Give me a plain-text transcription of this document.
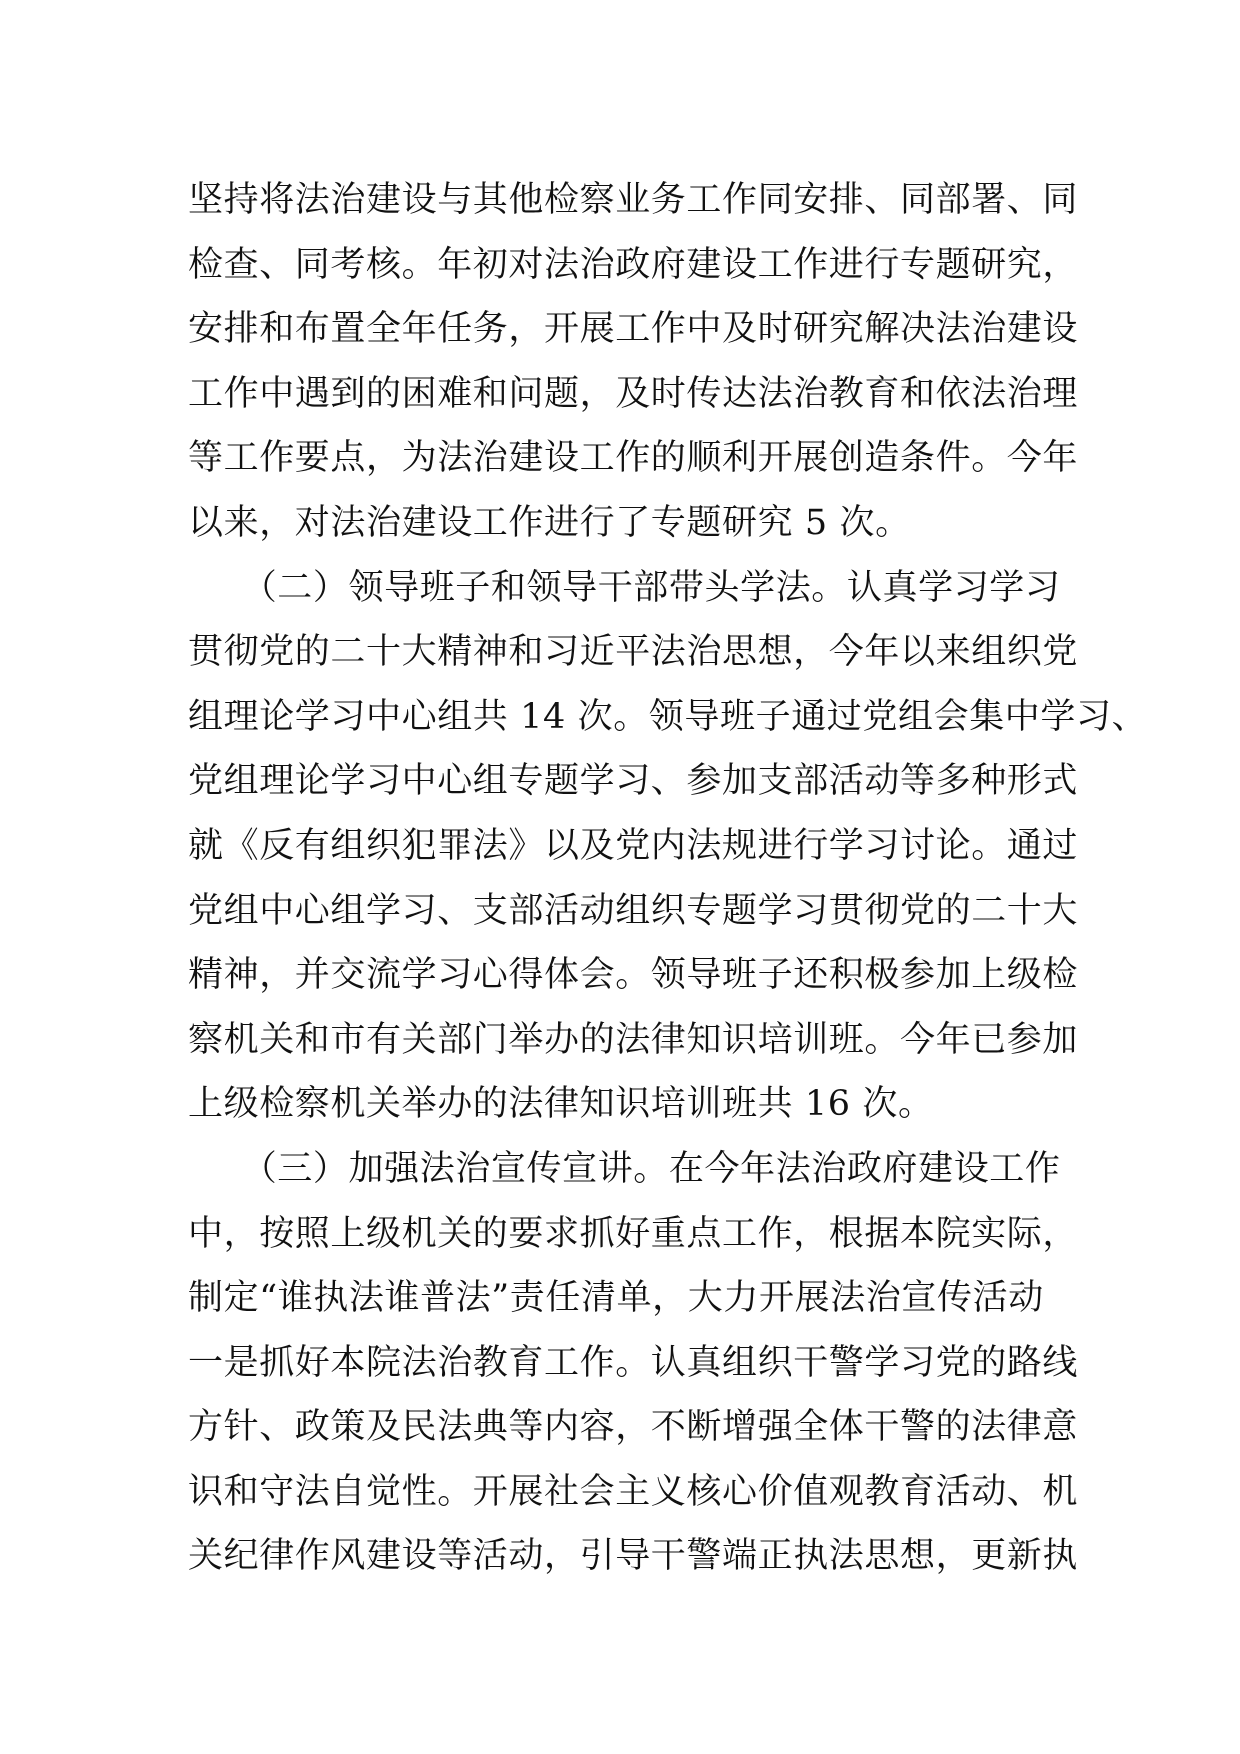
坚持将法治建设与其他检察业务工作同安排、同部署、同
检查、同考核。年初对法治政府建设工作进行专题研究，
安排和布置全年任务，开展工作中及时研究解决法治建设
工作中遇到的困难和问题，及时传达法治教育和依法治理
等工作要点，为法治建设工作的顺利开展创造条件。今年
以来，对法治建设工作进行了专题研究 5 次。
　　（二）领导班子和领导干部带头学法。认真学习学习
贯彻党的二十大精神和习近平法治思想，今年以来组织党
组理论学习中心组共 14 次。领导班子通过党组会集中学习、
党组理论学习中心组专题学习、参加支部活动等多种形式
就《反有组织犯罪法》以及党内法规进行学习讨论。通过
党组中心组学习、支部活动组织专题学习贯彻党的二十大
精神，并交流学习心得体会。领导班子还积极参加上级检
察机关和市有关部门举办的法律知识培训班。今年已参加
上级检察机关举办的法律知识培训班共 16 次。
　　（三）加强法治宣传宣讲。在今年法治政府建设工作
中，按照上级机关的要求抓好重点工作，根据本院实际，
制定“谁执法谁普法”责任清单，大力开展法治宣传活动
一是抓好本院法治教育工作。认真组织干警学习党的路线
方针、政策及民法典等内容，不断增强全体干警的法律意
识和守法自觉性。开展社会主义核心价值观教育活动、机
关纪律作风建设等活动，引导干警端正执法思想，更新执
